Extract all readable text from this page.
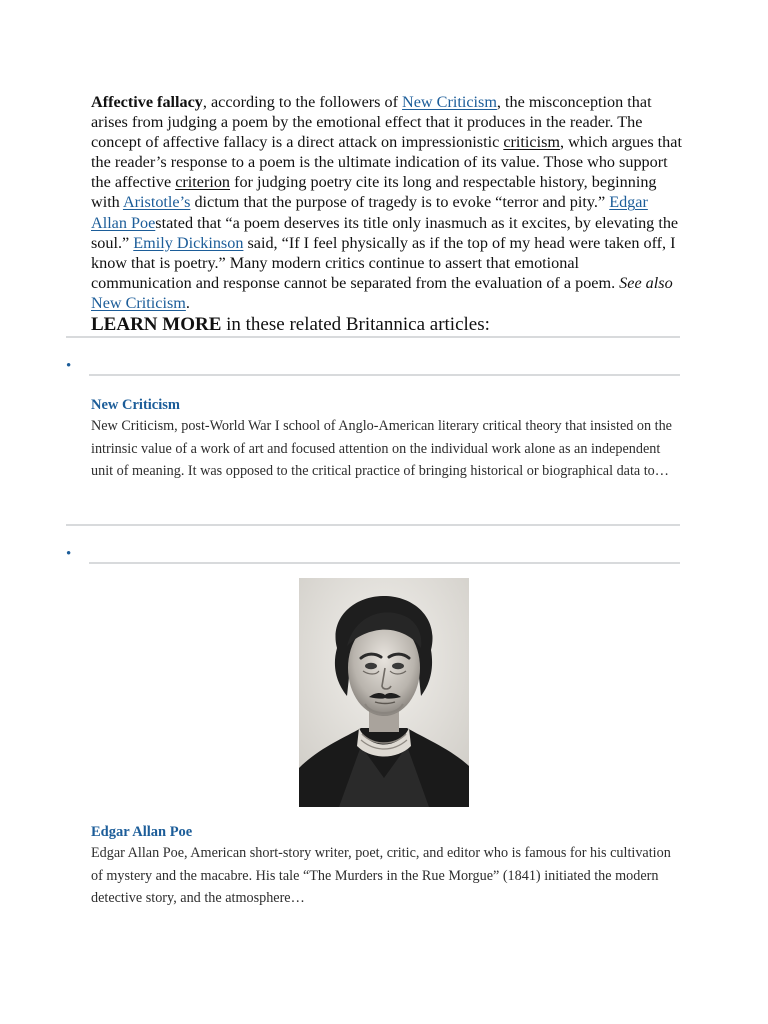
Affective fallacy, according to the followers of New Criticism, the misconception that arises from judging a poem by the emotional effect that it produces in the reader. The concept of affective fallacy is a direct attack on impressionistic criticism, which argues that the reader’s response to a poem is the ultimate indication of its value. Those who support the affective criterion for judging poetry cite its long and respectable history, beginning with Aristotle’s dictum that the purpose of tragedy is to evoke “terror and pity.” Edgar Allan Poestated that “a poem deserves its title only inasmuch as it excites, by elevating the soul.” Emily Dickinson said, “If I feel physically as if the top of my head were taken off, I know that is poetry.” Many modern critics continue to assert that emotional communication and response cannot be separated from the evaluation of a poem. See also New Criticism.

LEARN MORE in these related Britannica articles:

•
New Criticism
New Criticism, post-World War I school of Anglo-American literary critical theory that insisted on the intrinsic value of a work of art and focused attention on the individual work alone as an independent unit of meaning. It was opposed to the critical practice of bringing historical or biographical data to…
•
Edgar Allan Poe
Edgar Allan Poe, American short-story writer, poet, critic, and editor who is famous for his cultivation of mystery and the macabre. His tale “The Murders in the Rue Morgue” (1841) initiated the modern detective story, and the atmosphere…
